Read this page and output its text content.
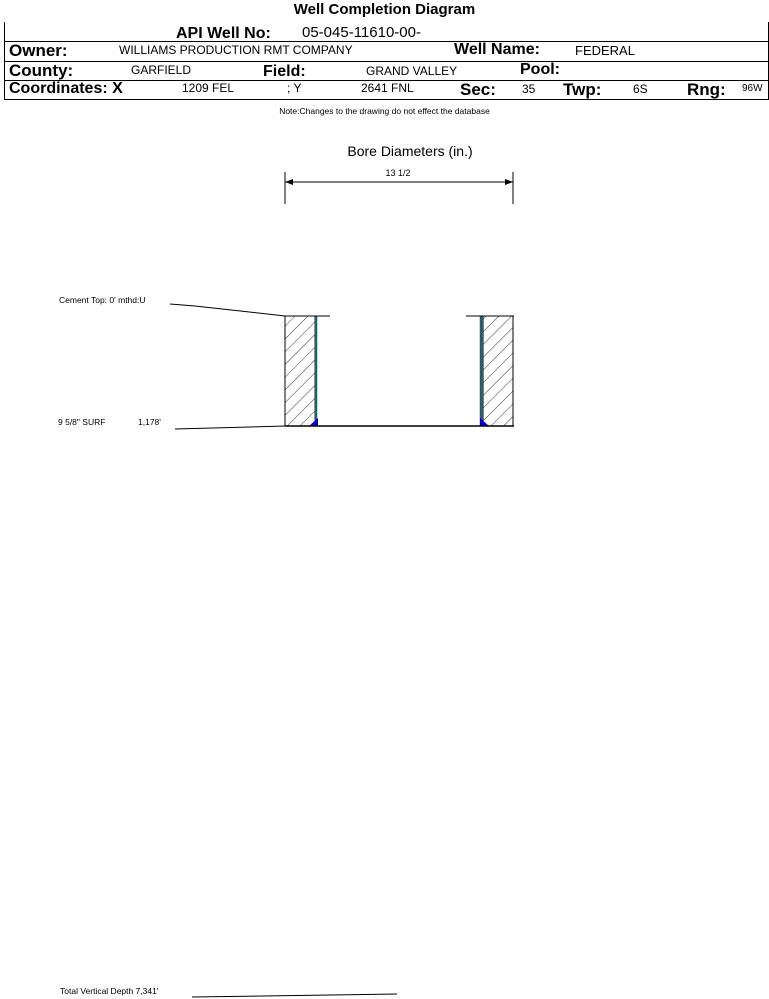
Well Completion Diagram
API Well No: 05-045-11610-00-
Owner:	WILLIAMS PRODUCTION RMT COMPANY	Well Name:	FEDERAL
County:	GARFIELD	Field:	GRAND VALLEY	Pool:
Coordinates: X	1209 FEL	; Y	2641 FNL	Sec: 35 Twp:	6S Rng: 96W
Note:Changes to the drawing do not effect the database
Bore Diameters (in.)
13 1/2
Cement Top: 0' mthd:U
9 5/8" SURF	1,178'
Total Vertical Depth 7,341'
